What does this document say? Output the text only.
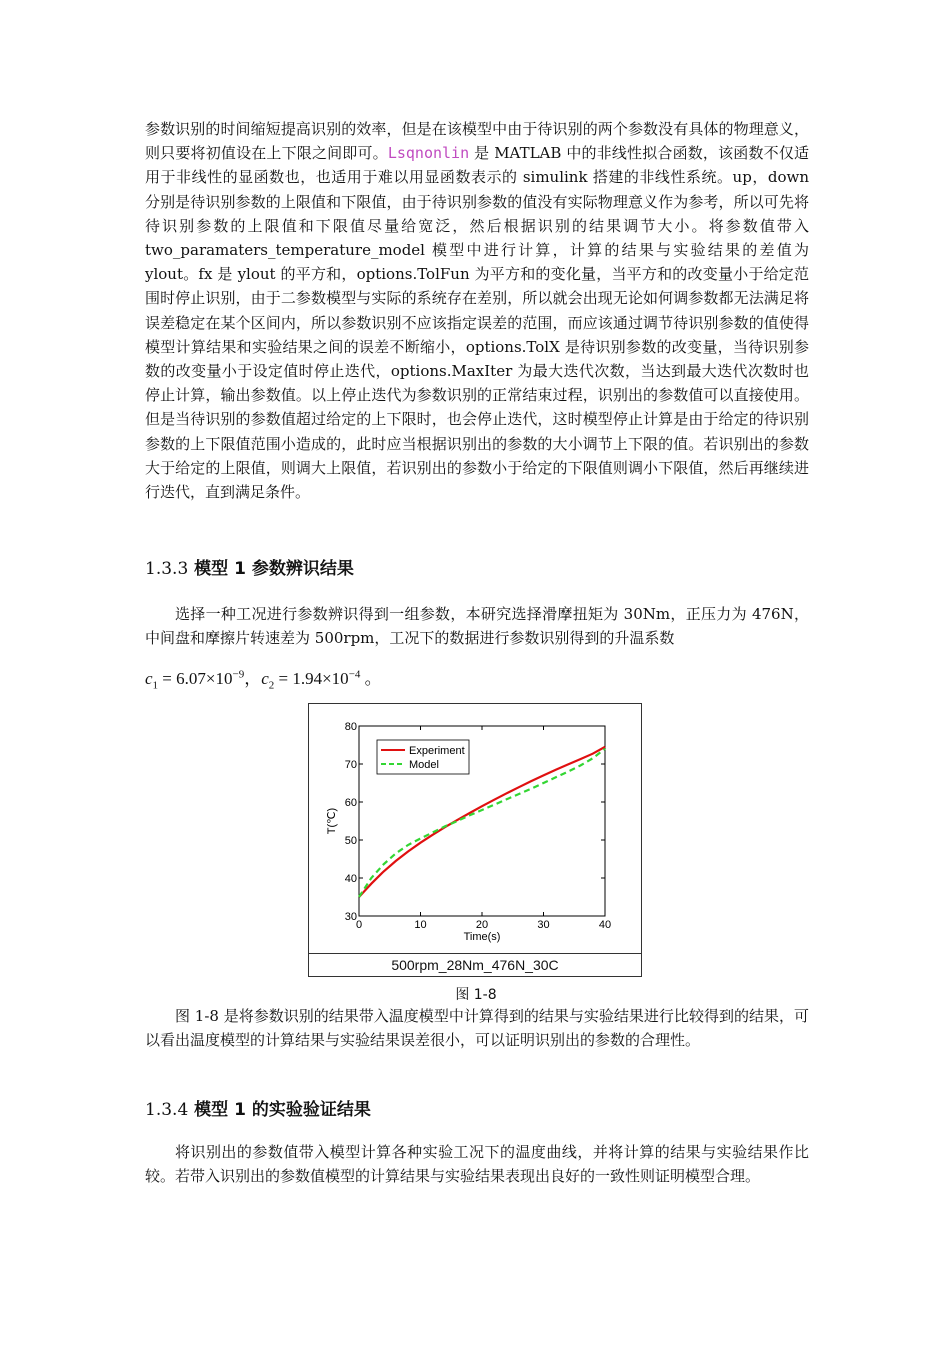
参数识别的时间缩短提高识别的效率，但是在该模型中由于待识别的两个参数没有具体的物理意义，则只要将初值设在上下限之间即可。Lsqnonlin 是 MATLAB 中的非线性拟合函数，该函数不仅适用于非线性的显函数也，也适用于难以用显函数表示的 simulink 搭建的非线性系统。up，down 分别是待识别参数的上限值和下限值，由于待识别参数的值没有实际物理意义作为参考，所以可先将待识别参数的上限值和下限值尽量给宽泛，然后根据识别的结果调节大小。将参数值带入 two_paramaters_temperature_model 模型中进行计算，计算的结果与实验结果的差值为 ylout。fx 是 ylout 的平方和，options.TolFun 为平方和的变化量，当平方和的改变量小于给定范围时停止识别，由于二参数模型与实际的系统存在差别，所以就会出现无论如何调参数都无法满足将误差稳定在某个区间内，所以参数识别不应该指定误差的范围，而应该通过调节待识别参数的值使得模型计算结果和实验结果之间的误差不断缩小，options.TolX 是待识别参数的改变量，当待识别参数的改变量小于设定值时停止迭代，options.MaxIter 为最大迭代次数，当达到最大迭代次数时也停止计算，输出参数值。以上停止迭代为参数识别的正常结束过程，识别出的参数值可以直接使用。但是当待识别的参数值超过给定的上下限时，也会停止迭代，这时模型停止计算是由于给定的待识别参数的上下限值范围小造成的，此时应当根据识别出的参数的大小调节上下限的值。若识别出的参数大于给定的上限值，则调大上限值，若识别出的参数小于给定的下限值则调小下限值，然后再继续进行迭代，直到满足条件。

1.3.3 模型 1 参数辨识结果

选择一种工况进行参数辨识得到一组参数，本研究选择滑摩扭矩为 30Nm，正压力为 476N，中间盘和摩擦片转速差为 500rpm，工况下的数据进行参数识别得到的升温系数

$c_1 = 6.07\times 10^{-9}$，$c_2 = 1.94\times 10^{-4}$ 。
0	10	20	30	40
30
40
50
60
70
80
Time(s)
T(℃)
Experiment
Model
500rpm_28Nm_476N_30C
图 1-8

图 1-8 是将参数识别的结果带入温度模型中计算得到的结果与实验结果进行比较得到的结果，可以看出温度模型的计算结果与实验结果误差很小，可以证明识别出的参数的合理性。

1.3.4 模型 1 的实验验证结果

将识别出的参数值带入模型计算各种实验工况下的温度曲线，并将计算的结果与实验结果作比较。若带入识别出的参数值模型的计算结果与实验结果表现出良好的一致性则证明模型合理。
